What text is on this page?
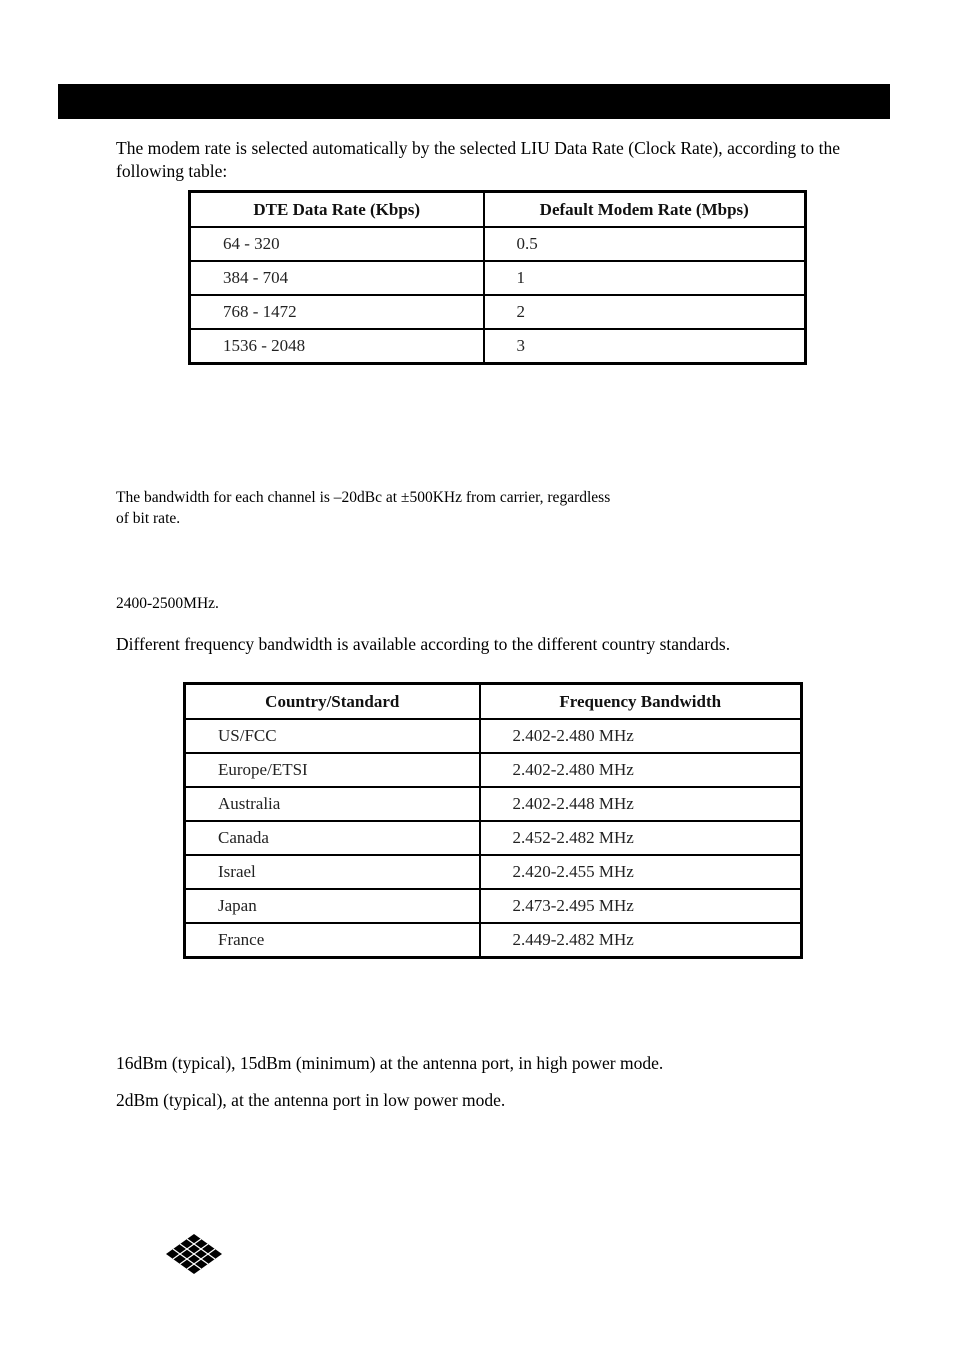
The modem rate is selected automatically by the selected LIU Data Rate (Clock Rate), according to the following table:

DTE Data Rate (Kbps)	Default Modem Rate (Mbps)
64 - 320	0.5
384 - 704	1
768 - 1472	2
1536 - 2048	3

The bandwidth for each channel is –20dBc at ±500KHz from carrier, regardless
of bit rate.

2400-2500MHz.

Different frequency bandwidth is available according to the different country standards.

Country/Standard	Frequency Bandwidth
US/FCC	2.402-2.480 MHz
Europe/ETSI	2.402-2.480 MHz
Australia	2.402-2.448 MHz
Canada	2.452-2.482 MHz
Israel	2.420-2.455 MHz
Japan	2.473-2.495 MHz
France	2.449-2.482 MHz

16dBm (typical), 15dBm (minimum) at the antenna port, in high power mode.

2dBm (typical), at the antenna port in low power mode.
